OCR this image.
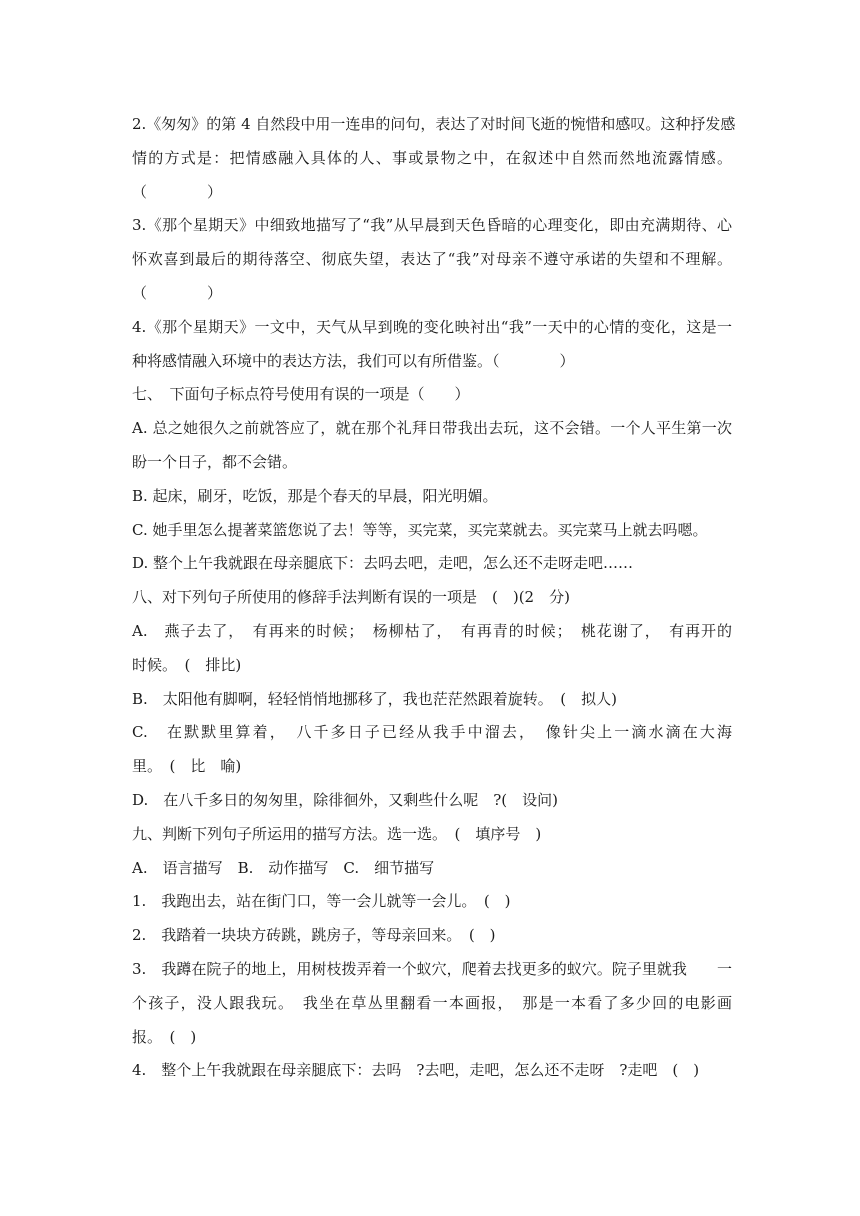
2.《匆匆》的第 4 自然段中用一连串的问句，表达了对时间飞逝的惋惜和感叹。这种抒发感
情的方式是：把情感融入具体的人、事或景物之中，在叙述中自然而然地流露情感。
（　　　　）
3.《那个星期天》中细致地描写了“我”从早晨到天色昏暗的心理变化，即由充满期待、心
怀欢喜到最后的期待落空、彻底失望，表达了“我”对母亲不遵守承诺的失望和不理解。
（　　　　）
4.《那个星期天》一文中，天气从早到晚的变化映衬出“我”一天中的心情的变化，这是一
种将感情融入环境中的表达方法，我们可以有所借鉴。（　　　　）
七、　下面句子标点符号使用有误的一项是（　　）
A. 总之她很久之前就答应了，就在那个礼拜日带我出去玩，这不会错。一个人平生第一次
盼一个日子，都不会错。
B. 起床，刷牙，吃饭，那是个春天的早晨，阳光明媚。
C. 她手里怎么提著菜篮您说了去！等等，买完菜，买完菜就去。买完菜马上就去吗嗯。
D. 整个上午我就跟在母亲腿底下：去吗去吧，走吧，怎么还不走呀走吧……
八、对下列句子所使用的修辞手法判断有误的一项是　(　)(2　分)
A.　燕子去了，　有再来的时候；　杨柳枯了，　有再青的时候；　桃花谢了，　有再开的
时候。　(　排比)
B.　太阳他有脚啊，轻轻悄悄地挪移了，我也茫茫然跟着旋转。　(　拟人)
C.　在默默里算着，　八千多日子已经从我手中溜去，　像针尖上一滴水滴在大海
里。　(　比　喻)
D.　在八千多日的匆匆里，除徘徊外，又剩些什么呢　?(　设问)
九、判断下列句子所运用的描写方法。选一选。　(　填序号　)
A.　语言描写　B.　动作描写　C.　细节描写
1.　我跑出去，站在街门口，等一会儿就等一会儿。　(　)
2.　我踏着一块块方砖跳，跳房子，等母亲回来。　(　)
3.　我蹲在院子的地上，用树枝拨弄着一个蚁穴，爬着去找更多的蚁穴。院子里就我　　一
个孩子，没人跟我玩。　我坐在草丛里翻看一本画报，　那是一本看了多少回的电影画
报。　(　)
4.　整个上午我就跟在母亲腿底下：去吗　?去吧，走吧，怎么还不走呀　?走吧　(　)
